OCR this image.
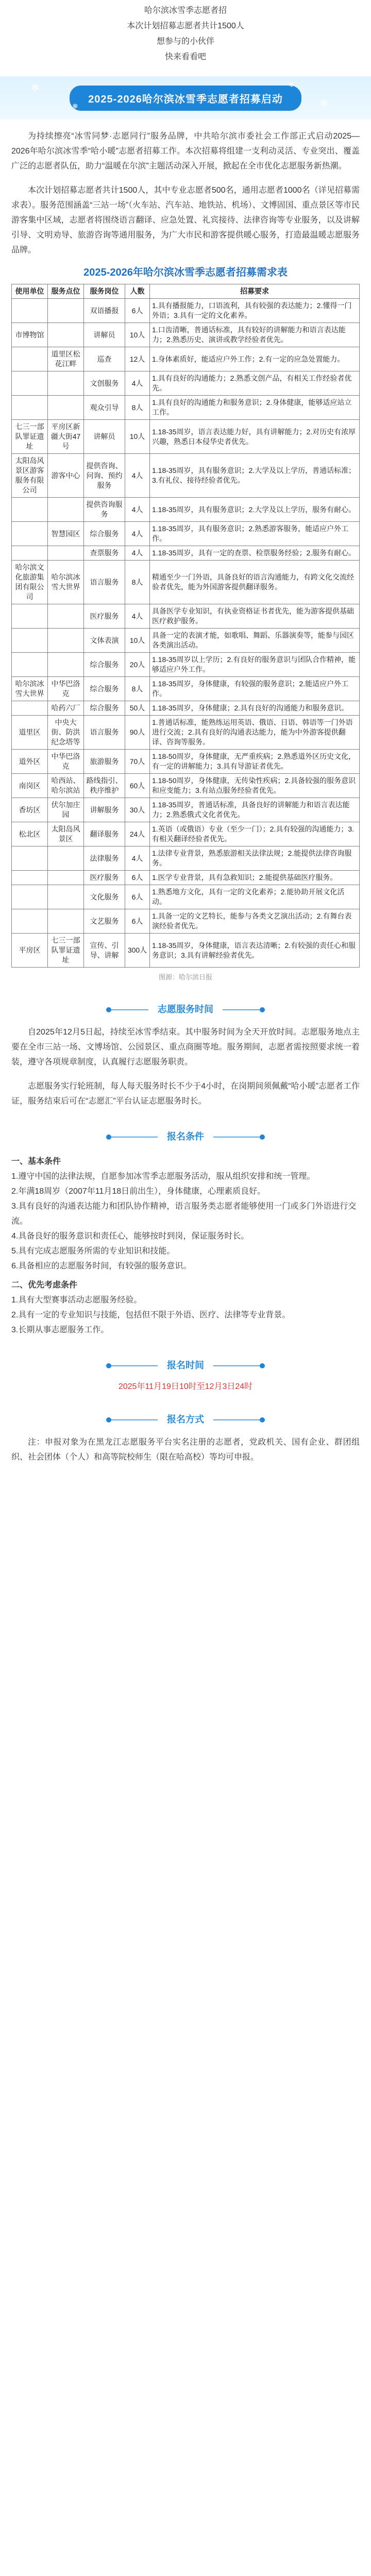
哈尔滨冰雪季志愿者招
本次计划招募志愿者共计1500人
想参与的小伙伴
快来看看吧
❄
❄
❄
❄
2025-2026哈尔滨冰雪季志愿者招募启动
为持续擦亮“冰雪同梦·志愿同行”服务品牌，中共哈尔滨市委社会工作部正式启动2025—2026年哈尔滨冰雪季“哈小暖”志愿者招募工作。本次招募将组建一支利动灵活、专业突出、覆盖广泛的志愿者队伍，助力“温暖在尔滨”主题活动深入开展，掀起在全市优化志愿服务新热潮。
本次计划招募志愿者共计1500人，其中专业志愿者500名，通用志愿者1000名（详见招募需求表）。服务范围涵盖“三站一场”（火车站、汽车站、地铁站、机场）、文博固国、重点景区等市民游客集中区域，志愿者将围绕语言翻译、应急处置、礼宾接待、法律咨询等专业服务，以及讲解引导、文明劝导、旅游咨询等通用服务，为广大市民和游客提供暖心服务，打造最温暖志愿服务品牌。
2025-2026年哈尔滨冰雪季志愿者招募需求表
使用单位	服务点位	服务岗位	人数	招募要求
		双语播报	6人	1.具有播报能力，口语流利，具有较强的表达能力；2.懂得一门外语；3.具有一定的文化素养。
市博物馆		讲解员	10人	1.口齿清晰，普通话标准，具有较好的讲解能力和语言表达能力；2.熟悉历史、演讲或教学经验者优先。
	道里区松花江畔	巡查	12人	1.身体素质好，能适应户外工作；2.有一定的应急处置能力。
		文创服务	4人	1.具有良好的沟通能力；2.熟悉文创产品，有相关工作经验者优先。
		观众引导	8人	1.具有良好的沟通能力和服务意识；2.身体健康，能够适应站立工作。
七三一部队罪证遗址	平房区新疆大街47号	讲解员	10人	1.18-35周岁，语言表达能力好，具有讲解能力；2.对历史有浓厚兴趣，熟悉日本侵华史者优先。
太阳岛风景区游客服务有限公司	游客中心	提供咨询、问询、预约服务	4人	1.18-35周岁，具有服务意识；2.大学及以上学历，普通话标准；3.有礼仪、接待经验者优先。
		提供咨询服务	4人	1.18-35周岁，具有服务意识；2.大学及以上学历，服务有耐心。
	智慧园区	综合服务	4人	1.18-35周岁，具有服务意识；2.熟悉游客服务，能适应户外工作。
		查票服务	4人	1.18-35周岁，具有一定的查票、检票服务经验；2.服务有耐心。
哈尔滨文化旅游集团有限公司	哈尔滨冰雪大世界	语言服务	8人	精通至少一门外语，具备良好的语言沟通能力，有跨文化交流经验者优先，能为外国游客提供翻译服务。
		医疗服务	4人	具备医学专业知识，有执业资格证书者优先，能为游客提供基础医疗救护服务。
		文体表演	10人	具备一定的表演才能，如歌唱、舞蹈、乐器演奏等，能参与园区各类演出活动。
		综合服务	20人	1.18-35周岁以上学历；2.有良好的服务意识与团队合作精神，能够适应户外工作。
哈尔滨冰雪大世界	中华巴洛克	综合服务	8人	1.18-35周岁，身体健康，有较强的服务意识；2.能适应户外工作。
	哈药六厂	综合服务	50人	1.18-35周岁，身体健康；2.具有良好的沟通能力和服务意识。
道里区	中央大街、防洪纪念塔等	语言服务	90人	1.普通话标准，能熟练运用英语、俄语、日语、韩语等一门外语进行交流；2.具有良好的沟通表达能力，能为中外游客提供翻译、咨询等服务。
道外区	中华巴洛克	旅游服务	70人	1.18-50周岁，身体健康，无严重疾病；2.熟悉道外区历史文化，有一定的讲解能力；3.具有导游证者优先。
南岗区	哈西站、哈尔滨站	路线指引、秩序维护	60人	1.18-50周岁，身体健康，无传染性疾病；2.具备较强的服务意识和应变能力；3.有站点服务经验者优先。
香坊区	伏尔加庄园	讲解服务	30人	1.18-35周岁，普通话标准，具备良好的讲解能力和语言表达能力；2.熟悉俄式文化者优先。
松北区	太阳岛风景区	翻译服务	24人	1.英语（或俄语）专业（至少一门）；2.具有较强的沟通能力；3.有相关翻译经验者优先。
		法律服务	4人	1.法律专业背景，熟悉旅游相关法律法规；2.能提供法律咨询服务。
		医疗服务	6人	1.医学专业背景，具有急救知识；2.能提供基础医疗服务。
		文化服务	6人	1.熟悉地方文化，具有一定的文化素养；2.能协助开展文化活动。
		文艺服务	6人	1.具备一定的文艺特长，能参与各类文艺演出活动；2.有舞台表演经验者优先。
平房区	七三一部队罪证遗址	宣传、引导、讲解	300人	1.18-35周岁，身体健康，语言表达清晰；2.有较强的责任心和服务意识；3.具有讲解经验者优先。
图源：哈尔滨日报
志愿服务时间
自2025年12月5日起，持续至冰雪季结束。其中服务时间为全天开放时间。志愿服务地点主要在全市三站一场、文博场馆、公园景区、重点商圈等地。服务期间，志愿者需按照要求统一着装，遵守各项规章制度，认真履行志愿服务职责。
志愿服务实行轮班制，每人每天服务时长不少于4小时，在岗期间须佩戴“哈小暖”志愿者工作证，服务结束后可在“志愿汇”平台认证志愿服务时长。
报名条件
一、基本条件
1.遵守中国的法律法规，自愿参加冰雪季志愿服务活动，服从组织安排和统一管理。
2.年满18周岁（2007年11月18日前出生），身体健康，心理素质良好。
3.具有良好的沟通表达能力和团队协作精神，语言服务类志愿者能够使用一门或多门外语进行交流。
4.具备良好的服务意识和责任心，能够按时到岗，保证服务时长。
5.具有完成志愿服务所需的专业知识和技能。
6.具备相应的志愿服务时间，有较强的服务意识。
二、优先考虑条件
1.具有大型赛事活动志愿服务经验。
2.具有一定的专业知识与技能，包括但不限于外语、医疗、法律等专业背景。
3.长期从事志愿服务工作。
报名时间
2025年11月19日10时至12月3日24时
报名方式
注：申报对象为在黑龙江志愿服务平台实名注册的志愿者，党政机关、国有企业、群团组织、社会团体（个人）和高等院校师生（限在哈高校）等均可申报。
